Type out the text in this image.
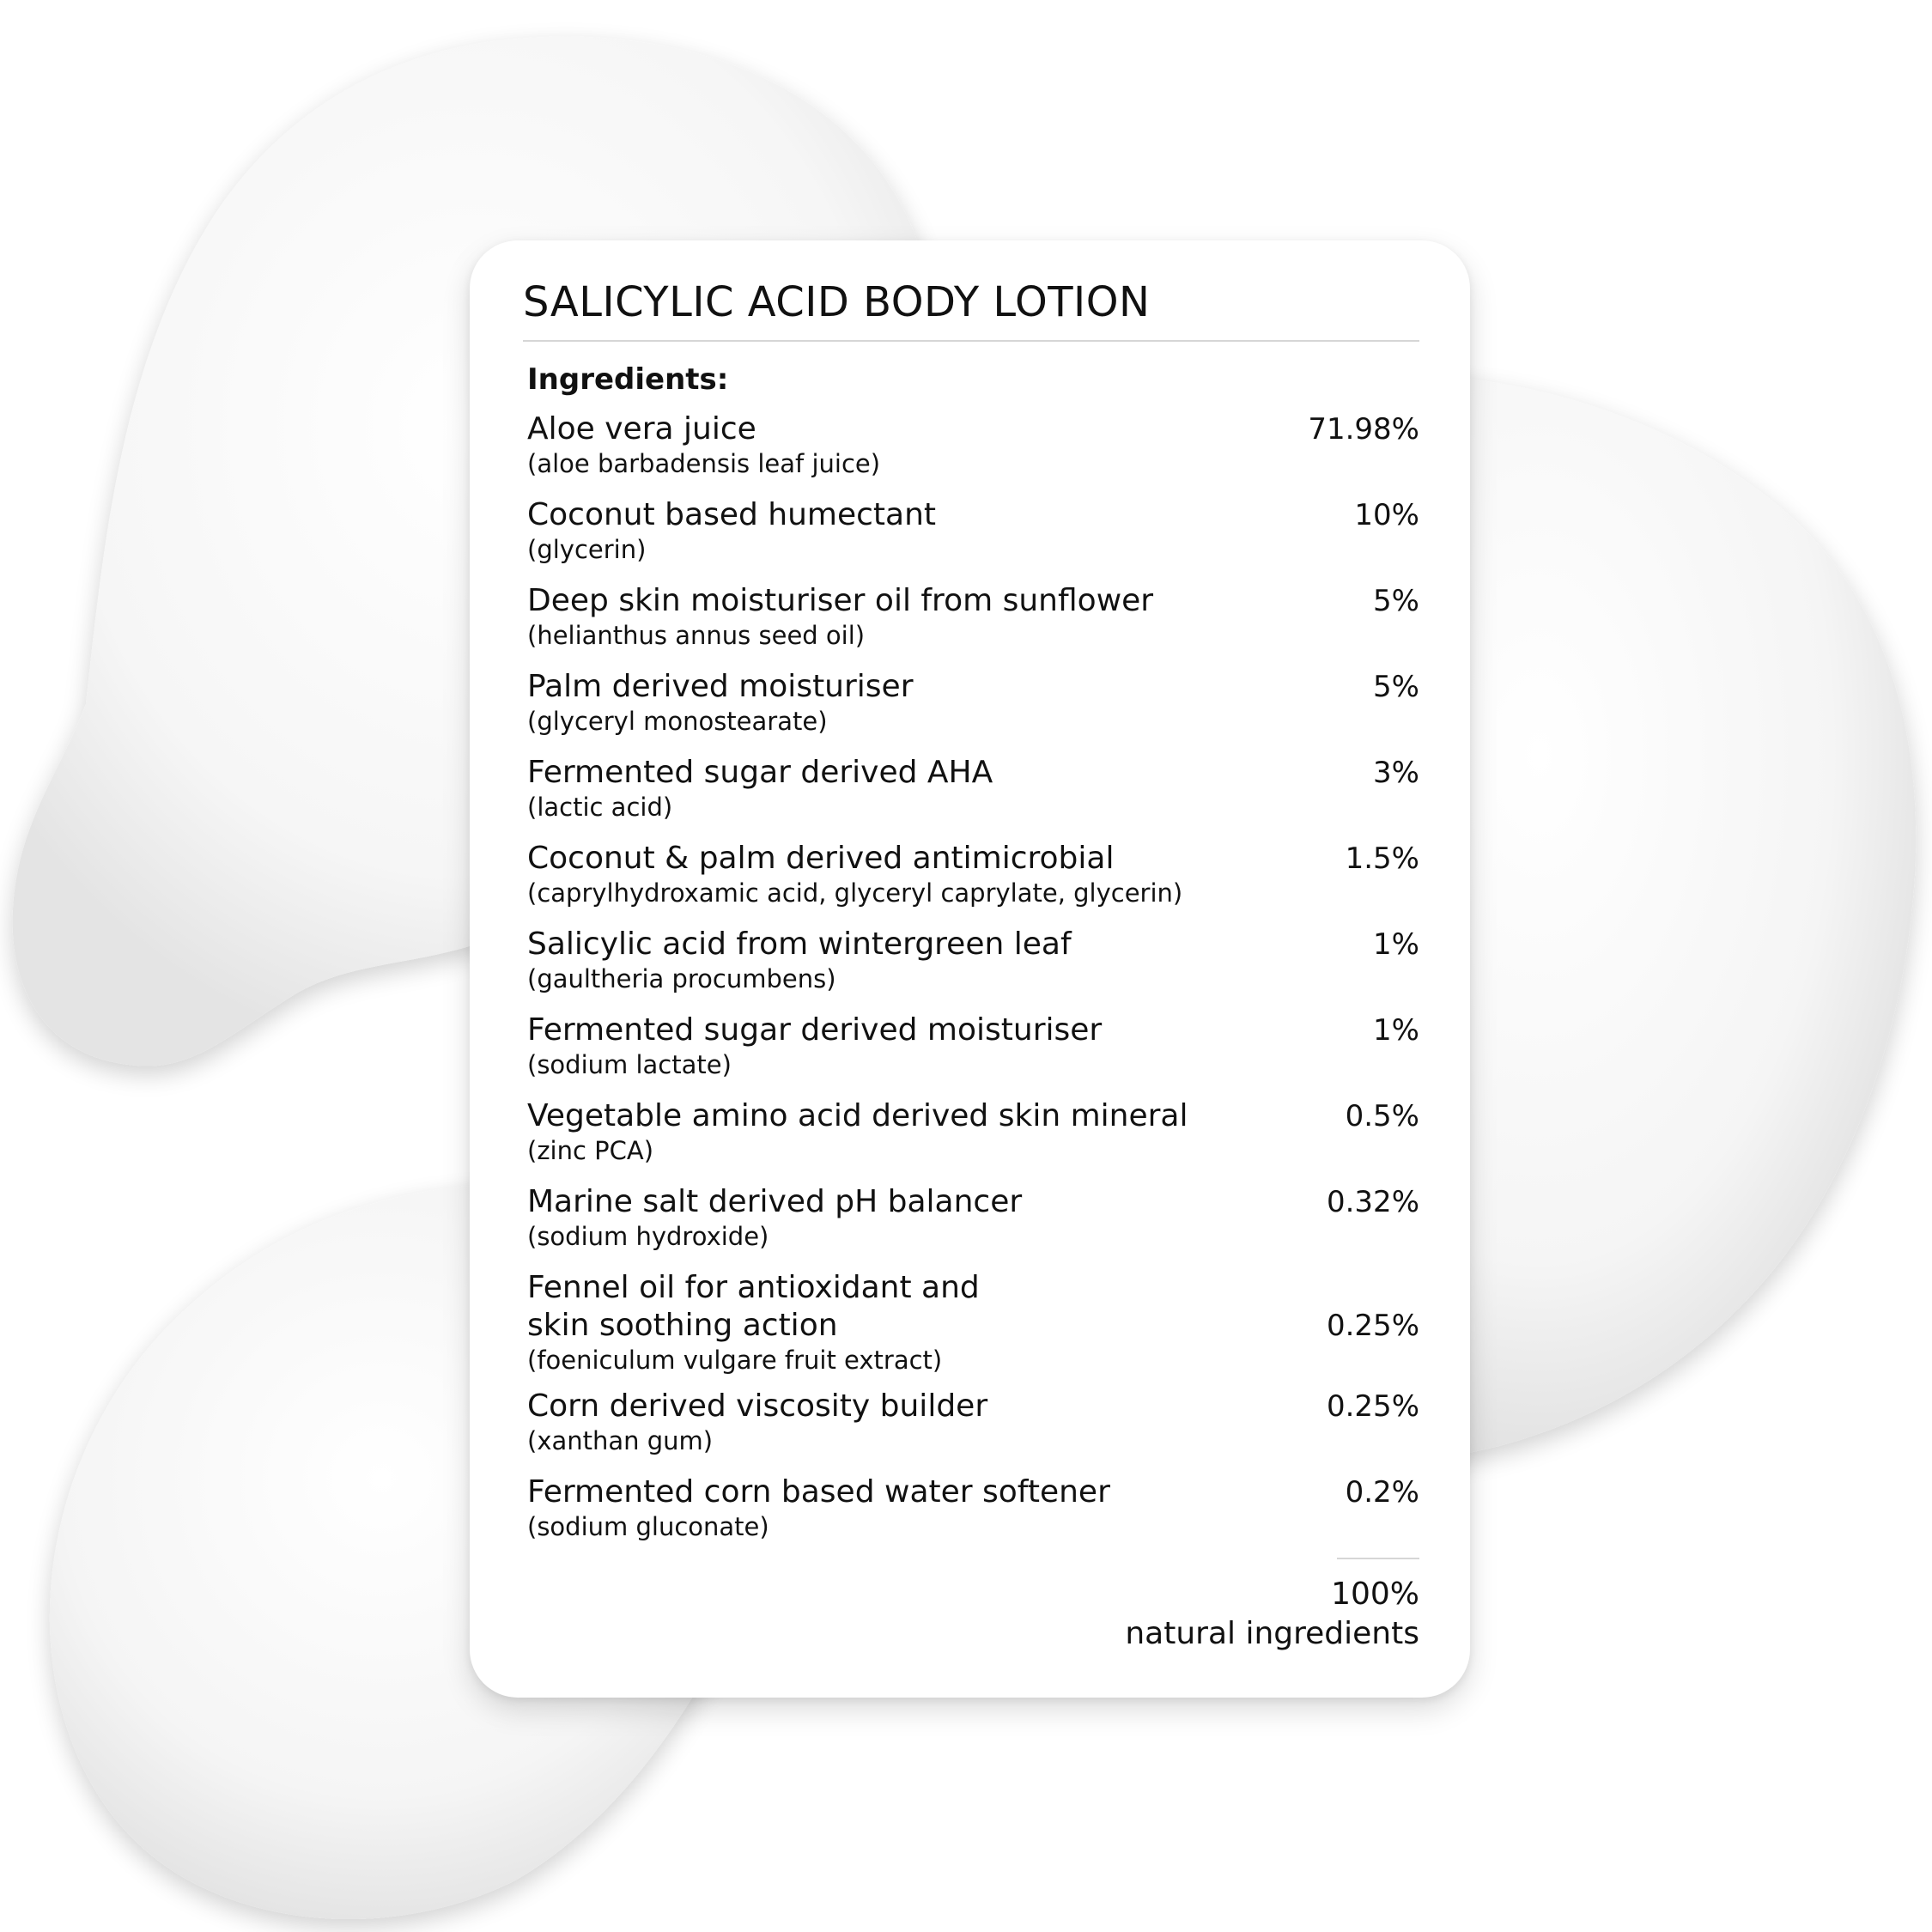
SALICYLIC ACID BODY LOTION
Ingredients:
Aloe vera juice
(aloe barbadensis leaf juice)
71.98%
Coconut based humectant
(glycerin)
10%
Deep skin moisturiser oil from sunflower
(helianthus annus seed oil)
5%
Palm derived moisturiser
(glyceryl monostearate)
5%
Fermented sugar derived AHA
(lactic acid)
3%
Coconut & palm derived antimicrobial
(caprylhydroxamic acid, glyceryl caprylate, glycerin)
1.5%
Salicylic acid from wintergreen leaf
(gaultheria procumbens)
1%
Fermented sugar derived moisturiser
(sodium lactate)
1%
Vegetable amino acid derived skin mineral
(zinc PCA)
0.5%
Marine salt derived pH balancer
(sodium hydroxide)
0.32%
Fennel oil for antioxidant and
skin soothing action
(foeniculum vulgare fruit extract)
0.25%
Corn derived viscosity builder
(xanthan gum)
0.25%
Fermented corn based water softener
(sodium gluconate)
0.2%
100%
natural ingredients
